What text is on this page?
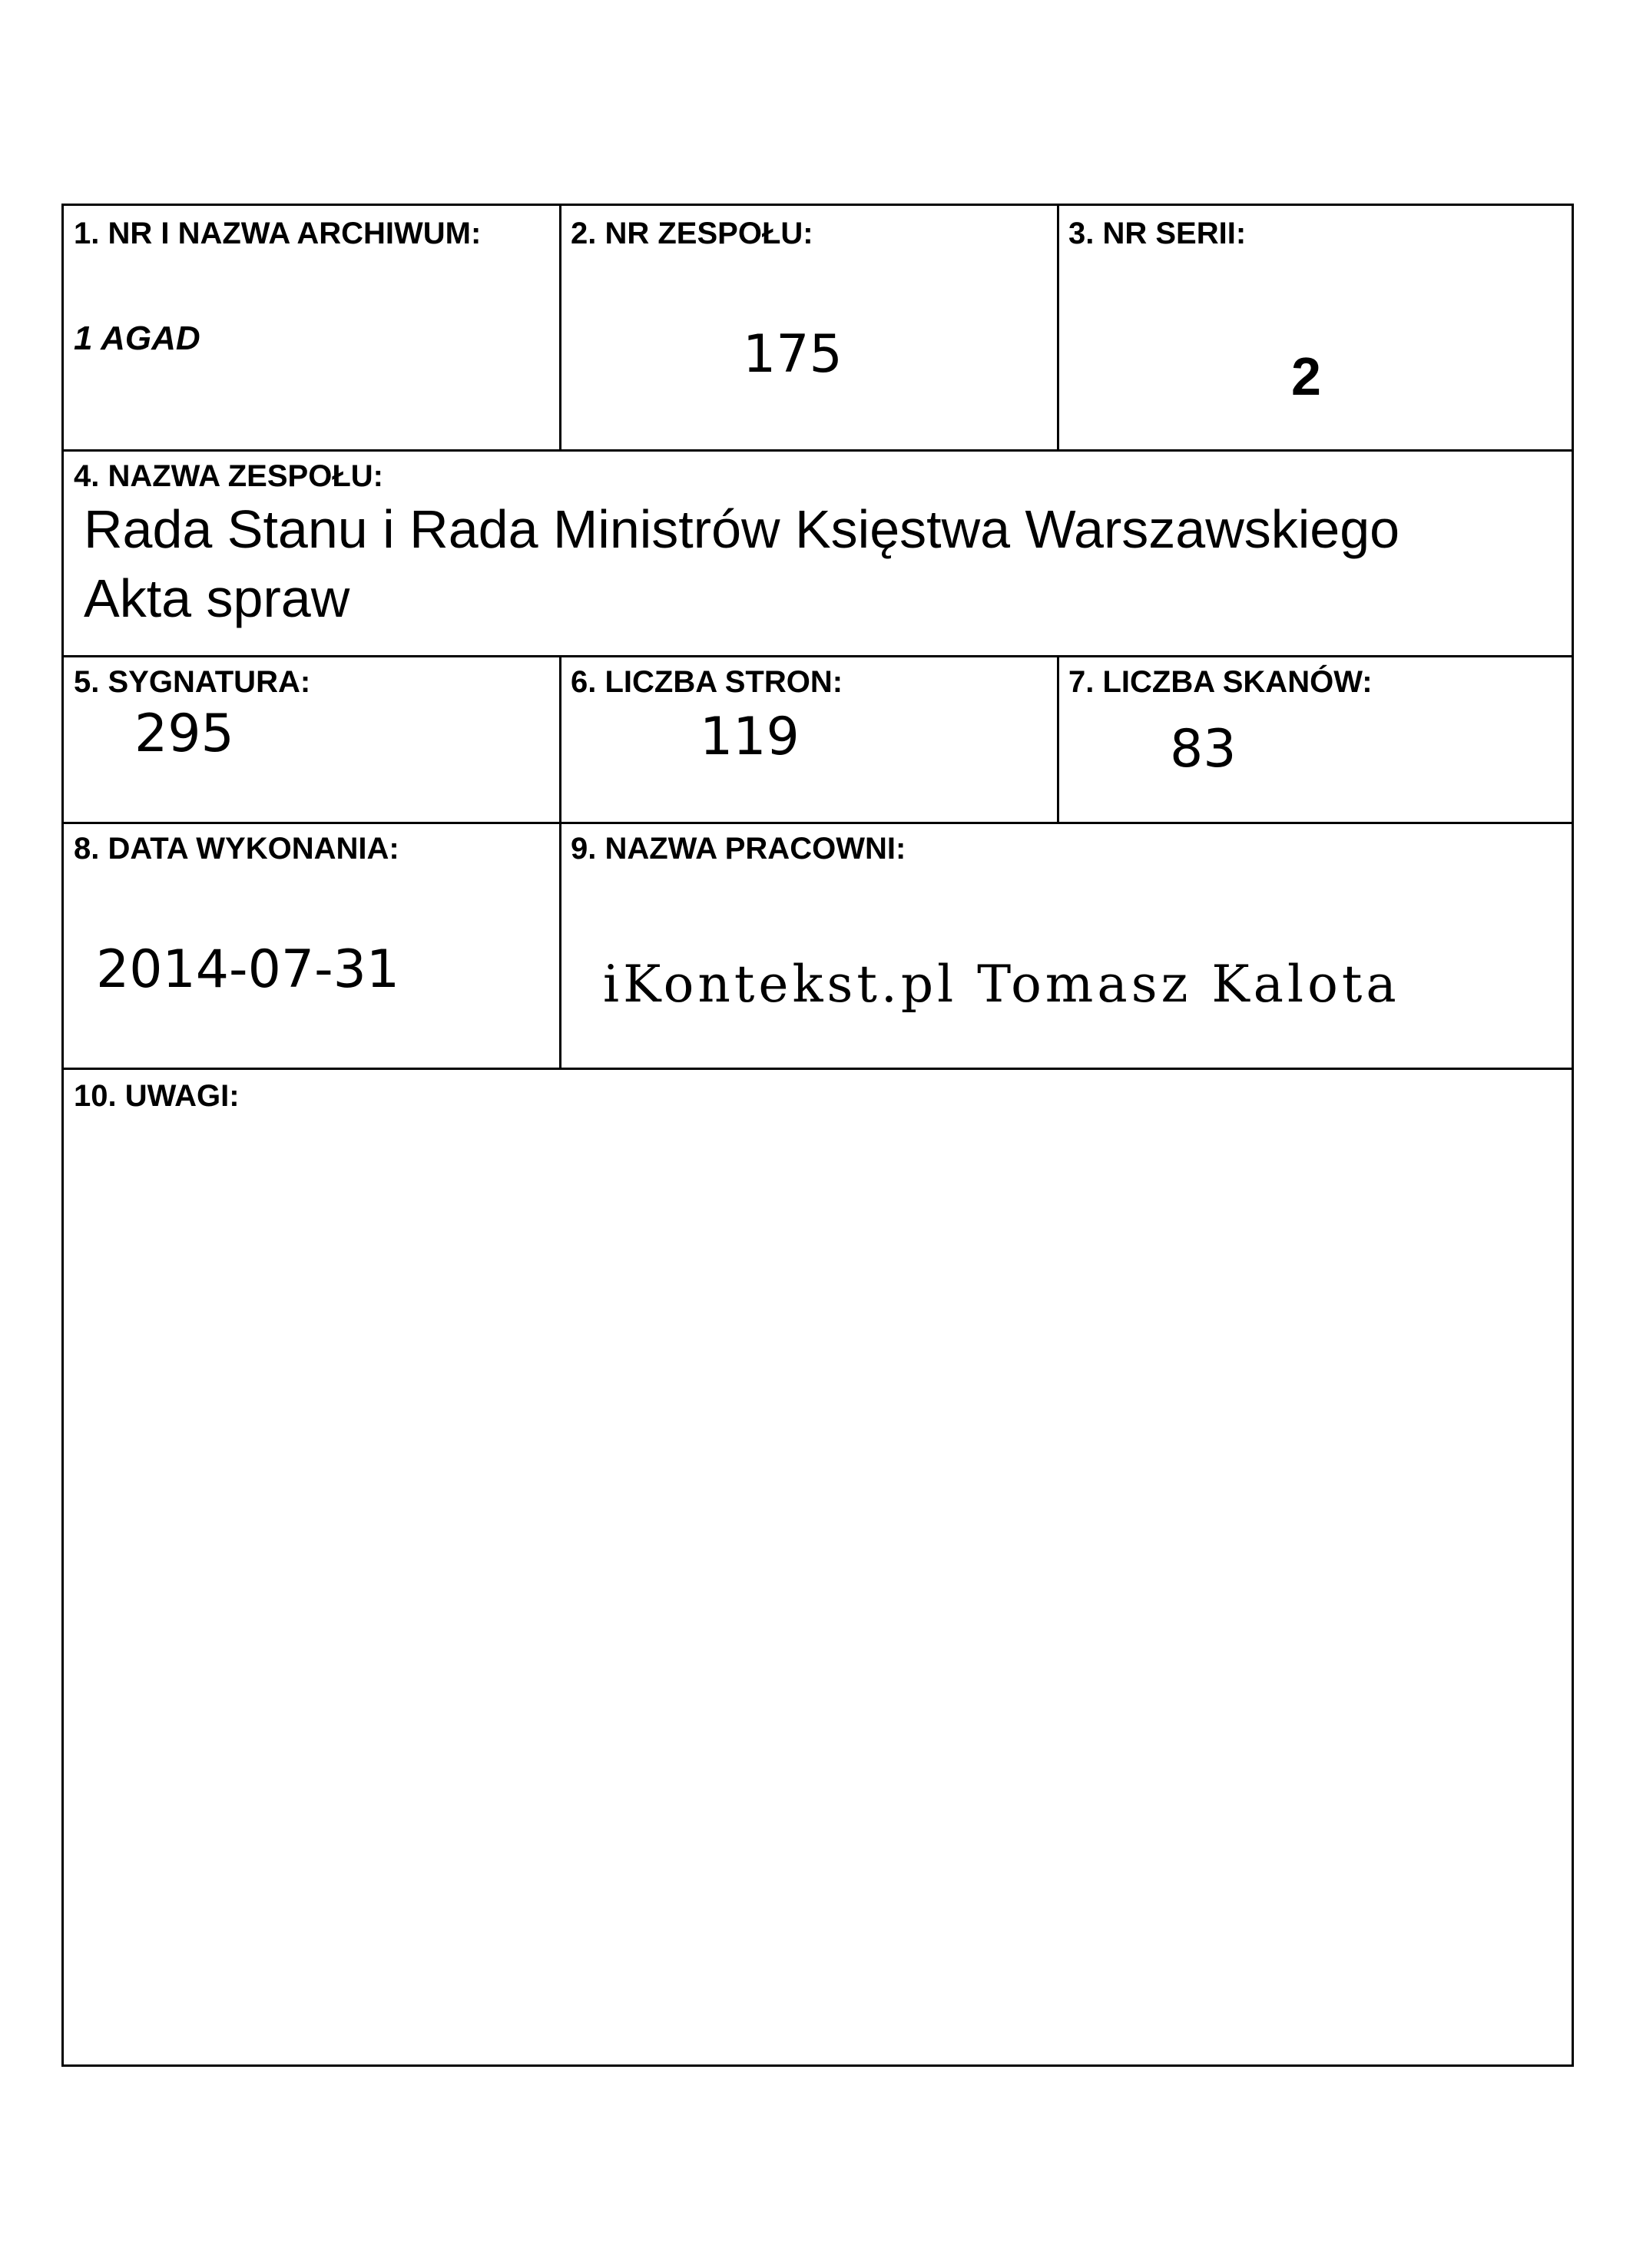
1. NR I NAZWA ARCHIWUM:
1 AGAD
2. NR ZESPOŁU:
175
3. NR SERII:
2
4. NAZWA ZESPOŁU:
Rada Stanu i Rada Ministrów Księstwa Warszawskiego
Akta spraw
5. SYGNATURA:
295
6. LICZBA STRON:
119
7. LICZBA SKANÓW:
83
8. DATA WYKONANIA:
2014-07-31
9. NAZWA PRACOWNI:
iKontekst.pl Tomasz Kalota
10. UWAGI:
